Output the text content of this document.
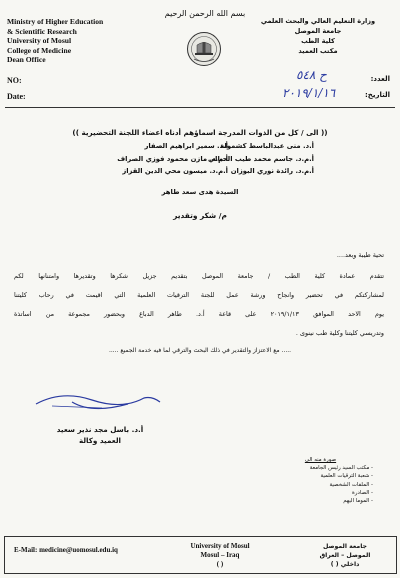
بسم الله الرحمن الرحيم
Ministry of Higher Education
& Scientific Research
University of Mosul
College of Medicine
Dean Office
وزارة التعليم العالي والبحث العلمي
جامعة الموصل
كلية الطب
مكتب العميد
NO:
Date:
العدد:
التاريخ:
ح ٥٤٨
٢٠١٩/١/١٦
(( الى / كل من الذوات المدرجة اسماؤهم أدناه اعضاء اللجنة التحضيرية ))
أ.د. منى عبدالباسط كشمولة
أ.م.د. جاسم محمد طيب الحيالي
أ.م.د. رائدة نوري البوزان
أ.د. سمير ابراهيم الصفار
أ.م.د. مازن محمود فوزي الصراف
أ.م.د. ميسون محي الدين القزاز
السيدة هدى سعد طاهر
م/ شكر وتقدير
تحية طيبة وبعد....
تتقدم عمادة كلية الطب / جامعة الموصل بتقديم جزيل شكرها وتقديرها وامتنانها لكم
لمشاركتكم في تحضير وانجاح ورشة عمل للجنة الترقيات العلمية التي اقيمت في رحاب كليتنا
يوم الاحد الموافق ٢٠١٩/١/١٣ على قاعة أ.د. طاهر الدباغ وبحضور مجموعة من اساتذة
وتدريسي كليتنا وكلية طب نينوى .
..... مع الاعتزاز والتقدير في ذلك البحث والترقي لما فيه خدمة الجميع .....
أ.د. باسل مجد نذير سعيد
العميد وكالة
صورة منه الى
- مكتب السيد رئيس الجامعة
- شعبة الترقيات العلمية
- الملفات الشخصية
- الصادرة
- الموما اليهم
E-Mail: medicine@uomosul.edu.iq	University of Mosul
Mosul – Iraq
( )
جامعة الموصل
الموصل – العراق
داخلي ( )
